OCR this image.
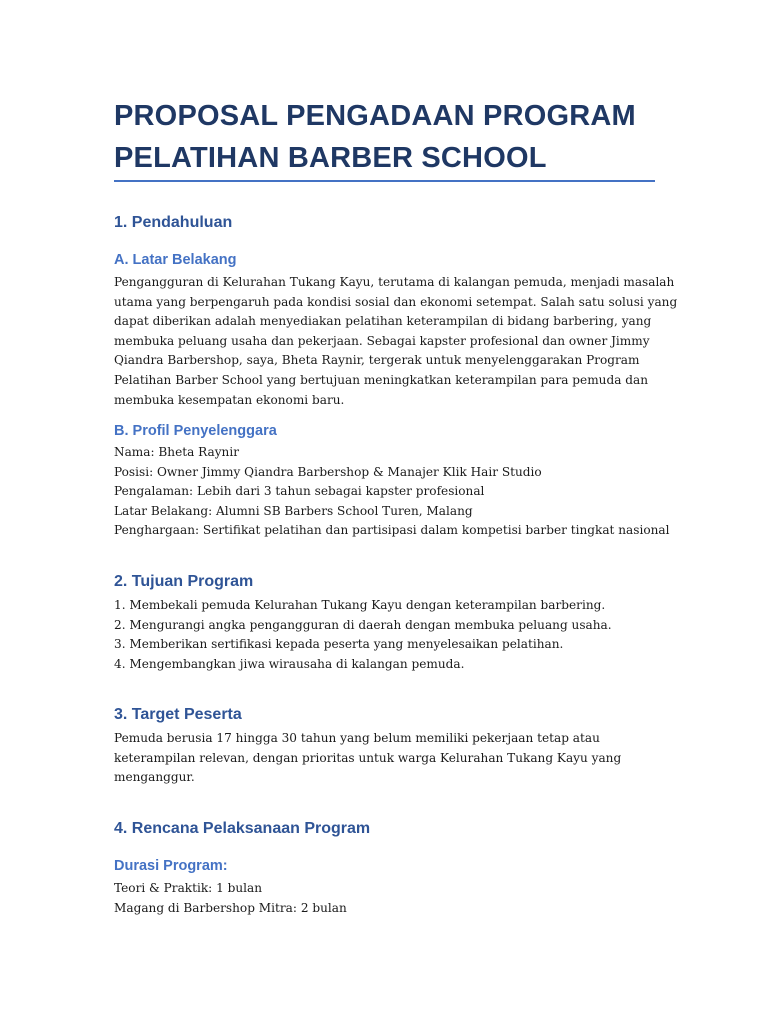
PROPOSAL PENGADAAN PROGRAM
PELATIHAN BARBER SCHOOL
1. Pendahuluan
A. Latar Belakang

Pengangguran di Kelurahan Tukang Kayu, terutama di kalangan pemuda, menjadi masalah
utama yang berpengaruh pada kondisi sosial dan ekonomi setempat. Salah satu solusi yang
dapat diberikan adalah menyediakan pelatihan keterampilan di bidang barbering, yang
membuka peluang usaha dan pekerjaan. Sebagai kapster profesional dan owner Jimmy
Qiandra Barbershop, saya, Bheta Raynir, tergerak untuk menyelenggarakan Program
Pelatihan Barber School yang bertujuan meningkatkan keterampilan para pemuda dan
membuka kesempatan ekonomi baru.

B. Profil Penyelenggara

Nama: Bheta Raynir
Posisi: Owner Jimmy Qiandra Barbershop & Manajer Klik Hair Studio
Pengalaman: Lebih dari 3 tahun sebagai kapster profesional
Latar Belakang: Alumni SB Barbers School Turen, Malang
Penghargaan: Sertifikat pelatihan dan partisipasi dalam kompetisi barber tingkat nasional

2. Tujuan Program

1. Membekali pemuda Kelurahan Tukang Kayu dengan keterampilan barbering.
2. Mengurangi angka pengangguran di daerah dengan membuka peluang usaha.
3. Memberikan sertifikasi kepada peserta yang menyelesaikan pelatihan.
4. Mengembangkan jiwa wirausaha di kalangan pemuda.

3. Target Peserta

Pemuda berusia 17 hingga 30 tahun yang belum memiliki pekerjaan tetap atau
keterampilan relevan, dengan prioritas untuk warga Kelurahan Tukang Kayu yang
menganggur.

4. Rencana Pelaksanaan Program
Durasi Program:

Teori & Praktik: 1 bulan
Magang di Barbershop Mitra: 2 bulan
